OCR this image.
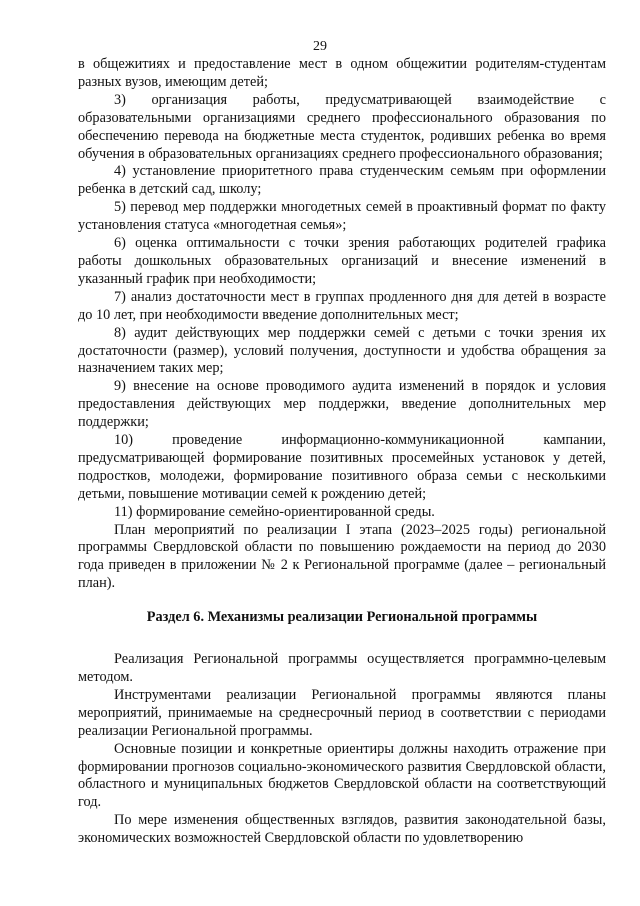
29

в общежитиях и предоставление мест в одном общежитии родителям-студентам разных вузов, имеющим детей;

3) организация работы, предусматривающей взаимодействие с образовательными организациями среднего профессионального образования по обеспечению перевода на бюджетные места студенток, родивших ребенка во время обучения в образовательных организациях среднего профессионального образования;

4) установление приоритетного права студенческим семьям при оформлении ребенка в детский сад, школу;

5) перевод мер поддержки многодетных семей в проактивный формат по факту установления статуса «многодетная семья»;

6) оценка оптимальности с точки зрения работающих родителей графика работы дошкольных образовательных организаций и внесение изменений в указанный график при необходимости;

7) анализ достаточности мест в группах продленного дня для детей в возрасте до 10 лет, при необходимости введение дополнительных мест;

8) аудит действующих мер поддержки семей с детьми с точки зрения их достаточности (размер), условий получения, доступности и удобства обращения за назначением таких мер;

9) внесение на основе проводимого аудита изменений в порядок и условия предоставления действующих мер поддержки, введение дополнительных мер поддержки;

10) проведение информационно-коммуникационной кампании, предусматривающей формирование позитивных просемейных установок у детей, подростков, молодежи, формирование позитивного образа семьи с несколькими детьми, повышение мотивации семей к рождению детей;

11) формирование семейно-ориентированной среды.

План мероприятий по реализации I этапа (2023–2025 годы) региональной программы Свердловской области по повышению рождаемости на период до 2030 года приведен в приложении № 2 к Региональной программе (далее – региональный план).

Раздел 6. Механизмы реализации Региональной программы

Реализация Региональной программы осуществляется программно-целевым методом.

Инструментами реализации Региональной программы являются планы мероприятий, принимаемые на среднесрочный период в соответствии с периодами реализации Региональной программы.

Основные позиции и конкретные ориентиры должны находить отражение при формировании прогнозов социально-экономического развития Свердловской области, областного и муниципальных бюджетов Свердловской области на соответствующий год.

По мере изменения общественных взглядов, развития законодательной базы, экономических возможностей Свердловской области по удовлетворению
